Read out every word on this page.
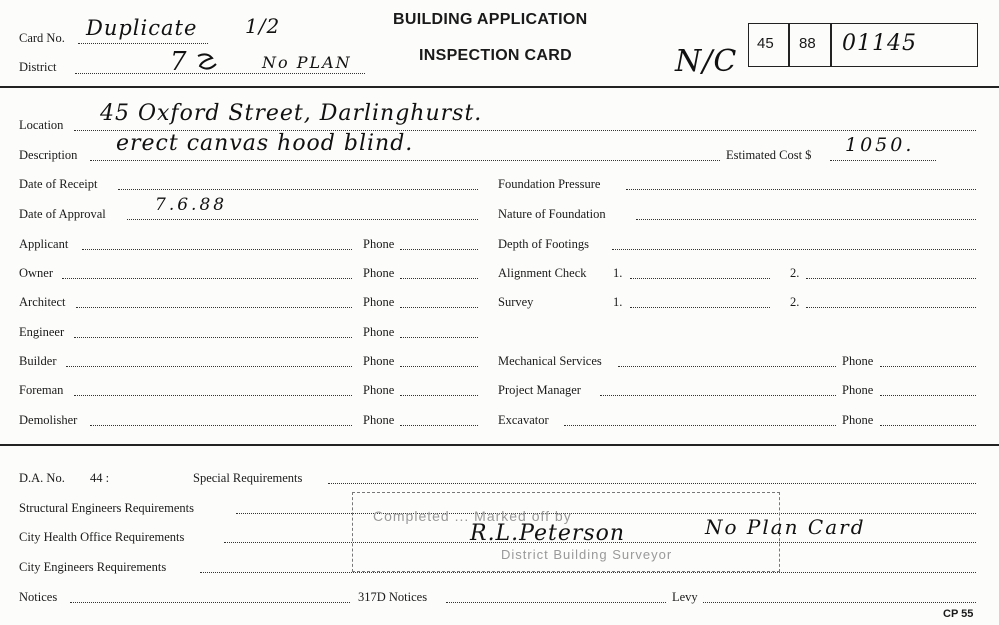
Card No. Duplicate 1/2
District	7	No PLAN
BUILDING APPLICATION
INSPECTION CARD	N/C
45 88 01145
Location 45 Oxford Street, Darlinghurst.
Description erect canvas hood blind.	Estimated Cost $ 1050.
Date of Receipt
Date of Approval	7.6.88
Applicant	Phone
Owner	Phone
Architect	Phone
Engineer	Phone
Builder	Phone
Foreman	Phone
Demolisher	Phone
Foundation Pressure
Nature of Foundation
Depth of Footings
Alignment Check 1.	2.
Survey	1.	2.
Mechanical Services	Phone
Project Manager	Phone
Excavator	Phone
D.A. No. 44 :	Special Requirements
Structural Engineers Requirements
City Health Office Requirements
City Engineers Requirements
Notices	317D Notices	Levy
Completed ... Marked off by
District Building Surveyor
R.L.Peterson	No Plan Card
CP 55
